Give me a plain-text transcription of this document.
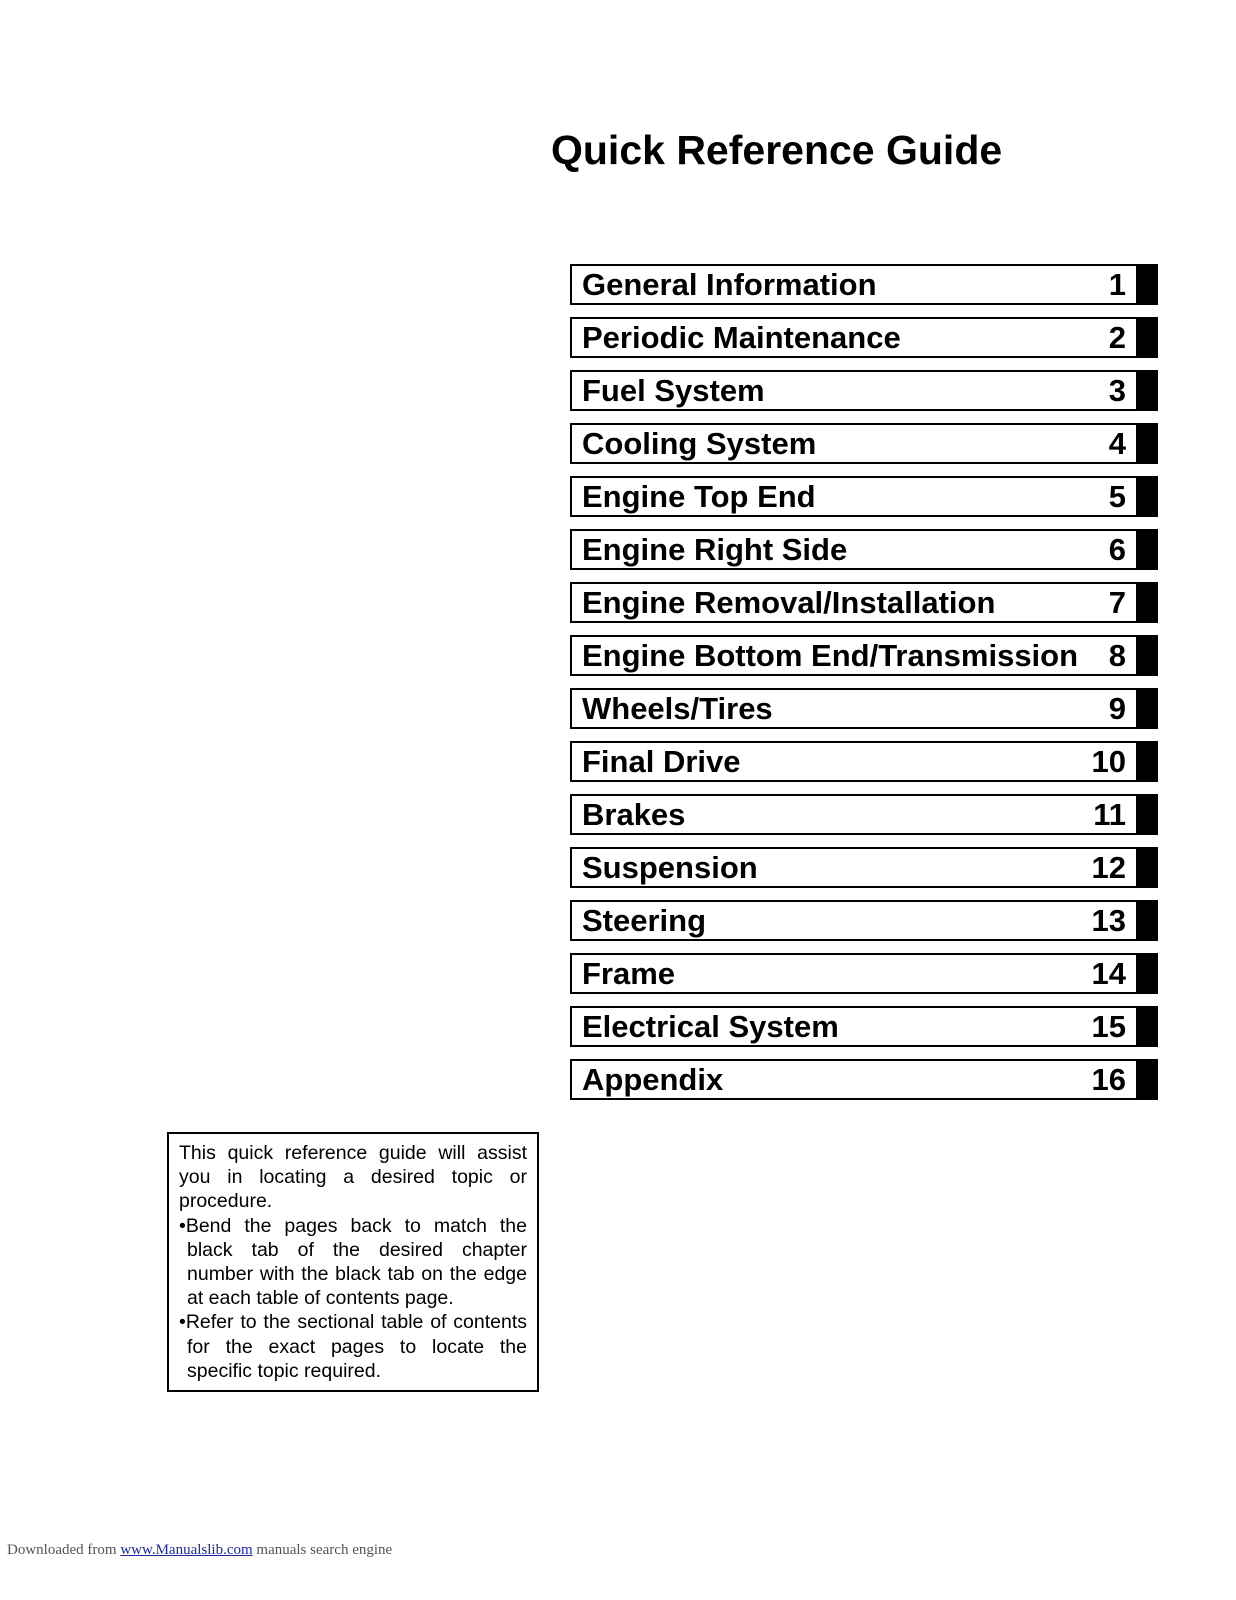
Quick Reference Guide
General Information	1
Periodic Maintenance	2
Fuel System	3
Cooling System	4
Engine Top End	5
Engine Right Side	6
Engine Removal/Installation	7
Engine Bottom End/Transmission 8
Wheels/Tires	9
Final Drive	10
Brakes	11
Suspension	12
Steering	13
Frame	14
Electrical System	15
Appendix	16

This quick reference guide will assist you in locating a desired topic or procedure.

•Bend the pages back to match the black tab of the desired chapter number with the black tab on the edge at each table of contents page.

•Refer to the sectional table of contents for the exact pages to locate the specific topic required.

Downloaded from www.Manualslib.com manuals search engine
